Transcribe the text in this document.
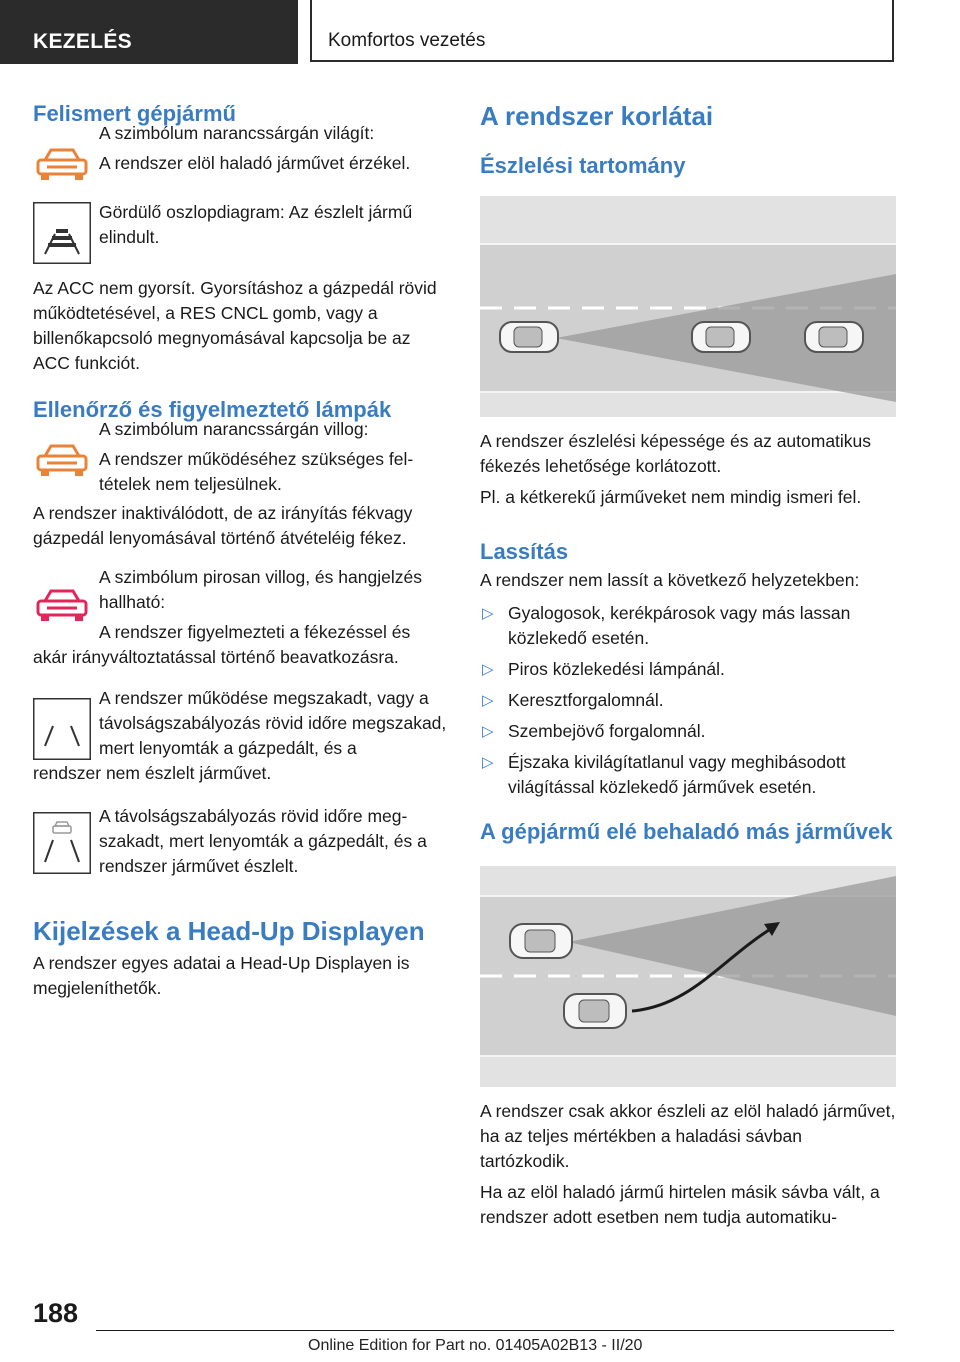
KEZELÉS	Komfortos vezetés
Felismert gépjármű

A szimbólum narancssárgán világít:

A rendszer elöl haladó járművet érzékel.

Gördülő oszlopdiagram: Az észlelt jármű elindult.

Az ACC nem gyorsít. Gyorsításhoz a gázpedál rövid működtetésével, a RES CNCL gomb, vagy a billenőkapcsoló megnyomásával kapcsolja be az ACC funkciót.

Ellenőrző és figyelmeztető lámpák

A szimbólum narancssárgán villog:

A rendszer működéséhez szükséges feltételek nem teljesülnek.

A rendszer inaktiválódott, de az irányítás fékvagy gázpedál lenyomásával történő átvételéig fékez.

A szimbólum pirosan villog, és hangjelzés hallható:

A rendszer figyelmezteti a fékezéssel és

akár irányváltoztatással történő beavatkozásra.

A rendszer működése megszakadt, vagy a távolságszabályozás rövid időre megszakad, mert lenyomták a gázpedált, és a

rendszer nem észlelt járművet.

A távolságszabályozás rövid időre megszakadt, mert lenyomták a gázpedált, és a rendszer járművet észlelt.

Kijelzések a Head-Up Displayen

A rendszer egyes adatai a Head-Up Displayen is megjeleníthetők.

A rendszer korlátai
Észlelési tartomány

A rendszer észlelési képessége és az automatikus fékezés lehetősége korlátozott.

Pl. a kétkerekű járműveket nem mindig ismeri fel.

Lassítás

A rendszer nem lassít a következő helyzetekben:

▷ Gyalogosok, kerékpárosok vagy más lassan közlekedő esetén.
▷ Piros közlekedési lámpánál.
▷ Keresztforgalomnál.
▷ Szembejövő forgalomnál.
▷ Éjszaka kivilágítatlanul vagy meghibásodott világítással közlekedő járművek esetén.
A gépjármű elé behaladó más járművek

A rendszer csak akkor észleli az elöl haladó járművet, ha az teljes mértékben a haladási sávban tartózkodik.

Ha az elöl haladó jármű hirtelen másik sávba vált, a rendszer adott esetben nem tudja automatiku-

188
Online Edition for Part no. 01405A02B13 - II/20
